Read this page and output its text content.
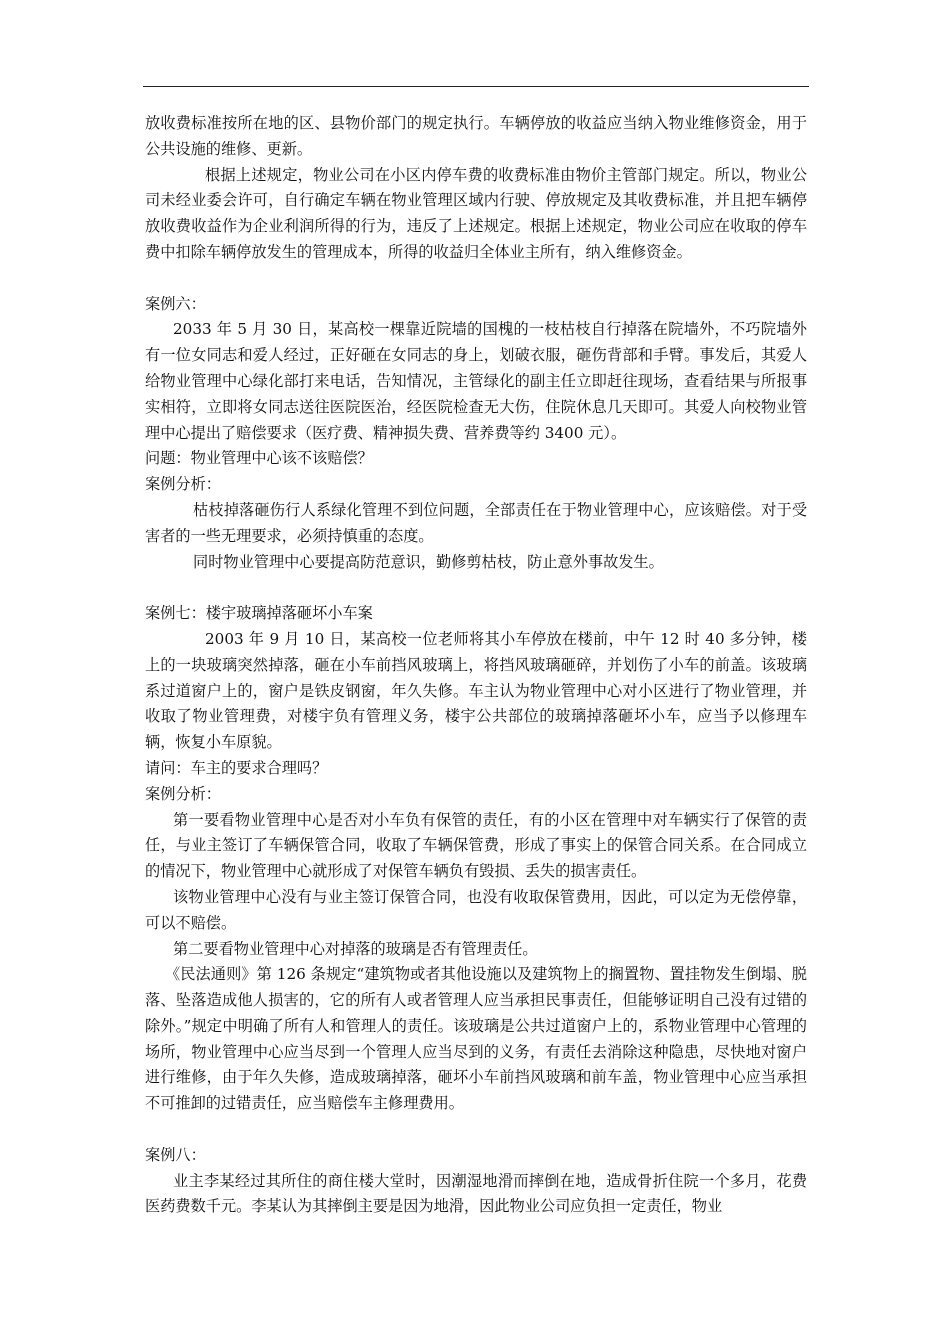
放收费标准按所在地的区、县物价部门的规定执行。车辆停放的收益应当纳入物业维修资金，用于公共设施的维修、更新。

根据上述规定，物业公司在小区内停车费的收费标准由物价主管部门规定。所以，物业公司未经业委会许可，自行确定车辆在物业管理区域内行驶、停放规定及其收费标准，并且把车辆停放收费收益作为企业利润所得的行为，违反了上述规定。根据上述规定，物业公司应在收取的停车费中扣除车辆停放发生的管理成本，所得的收益归全体业主所有，纳入维修资金。

案例六：

2033 年 5 月 30 日，某高校一棵靠近院墙的国槐的一枝枯枝自行掉落在院墙外，不巧院墙外有一位女同志和爱人经过，正好砸在女同志的身上，划破衣服，砸伤背部和手臂。事发后，其爱人给物业管理中心绿化部打来电话，告知情况，主管绿化的副主任立即赶往现场，查看结果与所报事实相符，立即将女同志送往医院医治，经医院检查无大伤，住院休息几天即可。其爱人向校物业管理中心提出了赔偿要求（医疗费、精神损失费、营养费等约 3400 元）。

问题：物业管理中心该不该赔偿？

案例分析：

枯枝掉落砸伤行人系绿化管理不到位问题，全部责任在于物业管理中心，应该赔偿。对于受害者的一些无理要求，必须持慎重的态度。

同时物业管理中心要提高防范意识，勤修剪枯枝，防止意外事故发生。

案例七：楼宇玻璃掉落砸坏小车案

2003 年 9 月 10 日，某高校一位老师将其小车停放在楼前，中午 12 时 40 多分钟，楼上的一块玻璃突然掉落，砸在小车前挡风玻璃上，将挡风玻璃砸碎，并划伤了小车的前盖。该玻璃系过道窗户上的，窗户是铁皮钢窗，年久失修。车主认为物业管理中心对小区进行了物业管理，并收取了物业管理费，对楼宇负有管理义务，楼宇公共部位的玻璃掉落砸坏小车，应当予以修理车辆，恢复小车原貌。

请问：车主的要求合理吗？

案例分析：

第一要看物业管理中心是否对小车负有保管的责任，有的小区在管理中对车辆实行了保管的责任，与业主签订了车辆保管合同，收取了车辆保管费，形成了事实上的保管合同关系。在合同成立的情况下，物业管理中心就形成了对保管车辆负有毁损、丢失的损害责任。

该物业管理中心没有与业主签订保管合同，也没有收取保管费用，因此，可以定为无偿停靠，可以不赔偿。

第二要看物业管理中心对掉落的玻璃是否有管理责任。

《民法通则》第 126 条规定“建筑物或者其他设施以及建筑物上的搁置物、置挂物发生倒塌、脱落、坠落造成他人损害的，它的所有人或者管理人应当承担民事责任，但能够证明自己没有过错的除外。”规定中明确了所有人和管理人的责任。该玻璃是公共过道窗户上的，系物业管理中心管理的场所，物业管理中心应当尽到一个管理人应当尽到的义务，有责任去消除这种隐患，尽快地对窗户进行维修，由于年久失修，造成玻璃掉落，砸坏小车前挡风玻璃和前车盖，物业管理中心应当承担不可推卸的过错责任，应当赔偿车主修理费用。

案例八：

业主李某经过其所住的商住楼大堂时，因潮湿地滑而摔倒在地，造成骨折住院一个多月，花费医药费数千元。李某认为其摔倒主要是因为地滑，因此物业公司应负担一定责任，物业
